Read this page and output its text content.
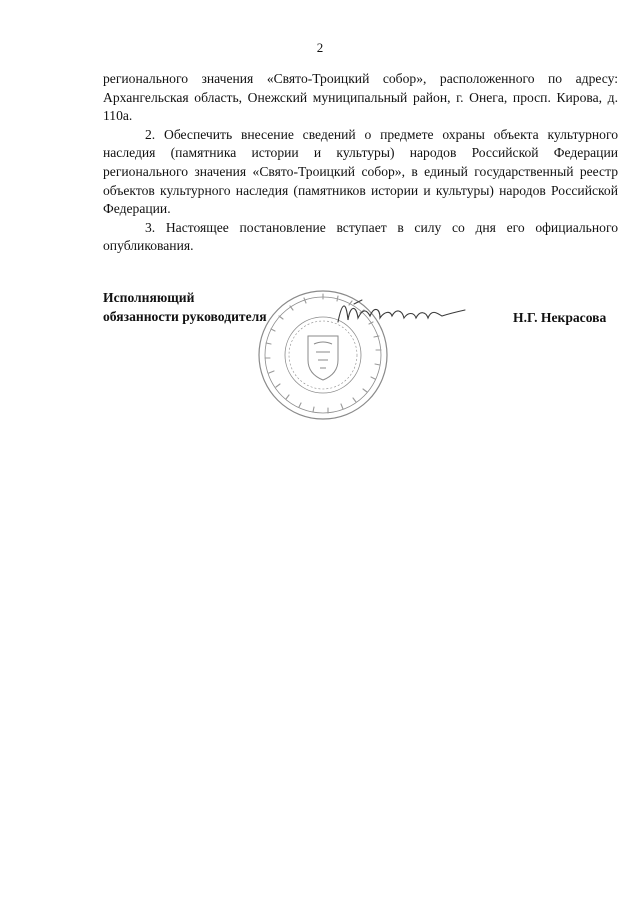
2

регионального значения «Свято-Троицкий собор», расположенного по адресу: Архангельская область, Онежский муниципальный район, г. Онега, просп. Кирова, д. 110а.

2. Обеспечить внесение сведений о предмете охраны объекта культурного наследия (памятника истории и культуры) народов Российской Федерации регионального значения «Свято-Троицкий собор», в единый государственный реестр объектов культурного наследия (памятников истории и культуры) народов Российской Федерации.

3. Настоящее постановление вступает в силу со дня его официального опубликования.

Исполняющий
обязанности руководителя	Н.Г. Некрасова
